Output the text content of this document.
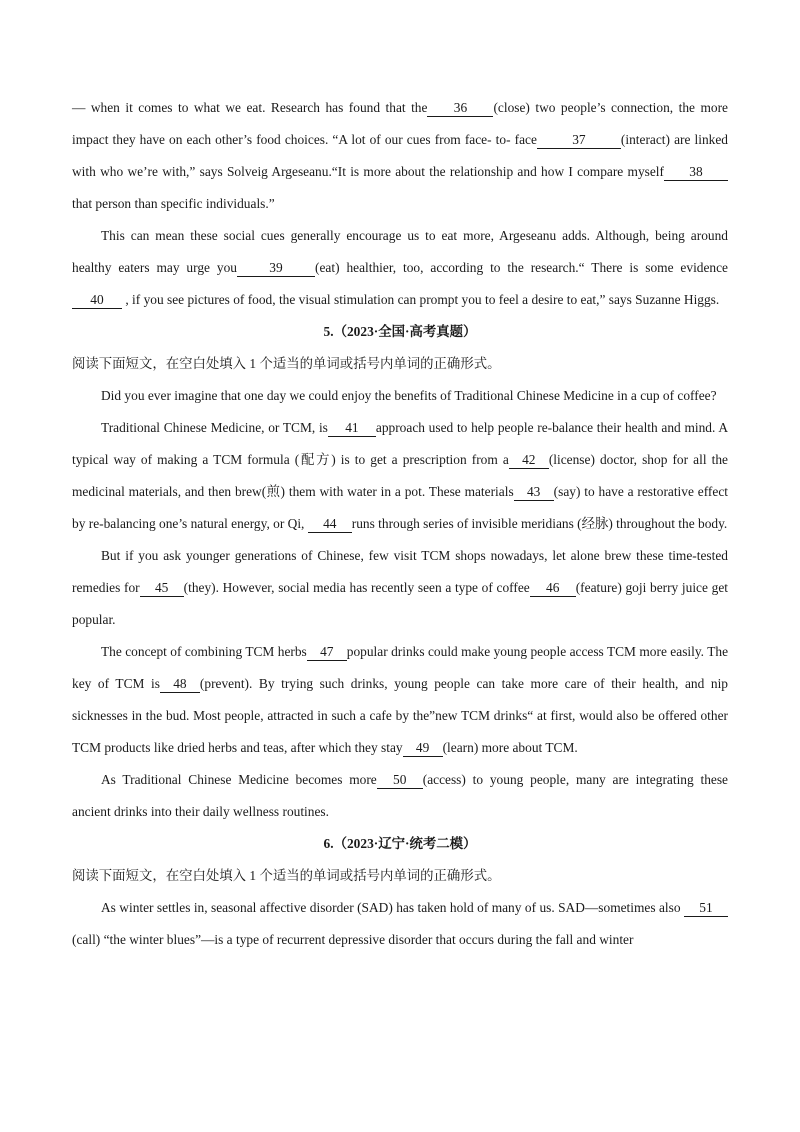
— when it comes to what we eat. Research has found that the 36 (close) two people’s connection, the more impact they have on each other’s food choices. “A lot of our cues from face- to- face	37	(interact) are linked with who we’re with,” says Solveig Argeseanu.“It is more about the relationship and how I compare myself 38that person than specific individuals.”

This can mean these social cues generally encourage us to eat more, Argeseanu adds. Although, being around healthy eaters may urge you 39 (eat) healthier, too, according to the research.“ There is some evidence 40 , if you see pictures of food, the visual stimulation can prompt you to feel a desire to eat,” says Suzanne Higgs.

5.（2023·全国·高考真题）

阅读下面短文，在空白处填入 1 个适当的单词或括号内单词的正确形式。

Did you ever imagine that one day we could enjoy the benefits of Traditional Chinese Medicine in a cup of coffee?

Traditional Chinese Medicine, or TCM, is 41 approach used to help people re-balance their health and mind. A typical way of making a TCM formula (配方) is to get a prescription from a 42 (license) doctor, shop for all the medicinal materials, and then brew(煎) them with water in a pot. These materials 43 (say) to have a restorative effect by re-balancing one’s natural energy, or Qi, 44 runs through series of invisible meridians (经脉) throughout the body.

But if you ask younger generations of Chinese, few visit TCM shops nowadays, let alone brew these time-tested remedies for 45 (they). However, social media has recently seen a type of coffee 46 (feature) goji berry juice get popular.

The concept of combining TCM herbs 47 popular drinks could make young people access TCM more easily. The key of TCM is 48 (prevent). By trying such drinks, young people can take more care of their health, and nip sicknesses in the bud. Most people, attracted in such a cafe by the”new TCM drinks“ at first, would also be offered other TCM products like dried herbs and teas, after which they stay 49 (learn) more about TCM.

As Traditional Chinese Medicine becomes more 50 (access) to young people, many are integrating these ancient drinks into their daily wellness routines.

6.（2023·辽宁·统考二模）

阅读下面短文，在空白处填入 1 个适当的单词或括号内单词的正确形式。

As winter settles in, seasonal affective disorder (SAD) has taken hold of many of us. SAD—sometimes also 51(call) “the winter blues”—is a type of recurrent depressive disorder that occurs during the fall and winter
